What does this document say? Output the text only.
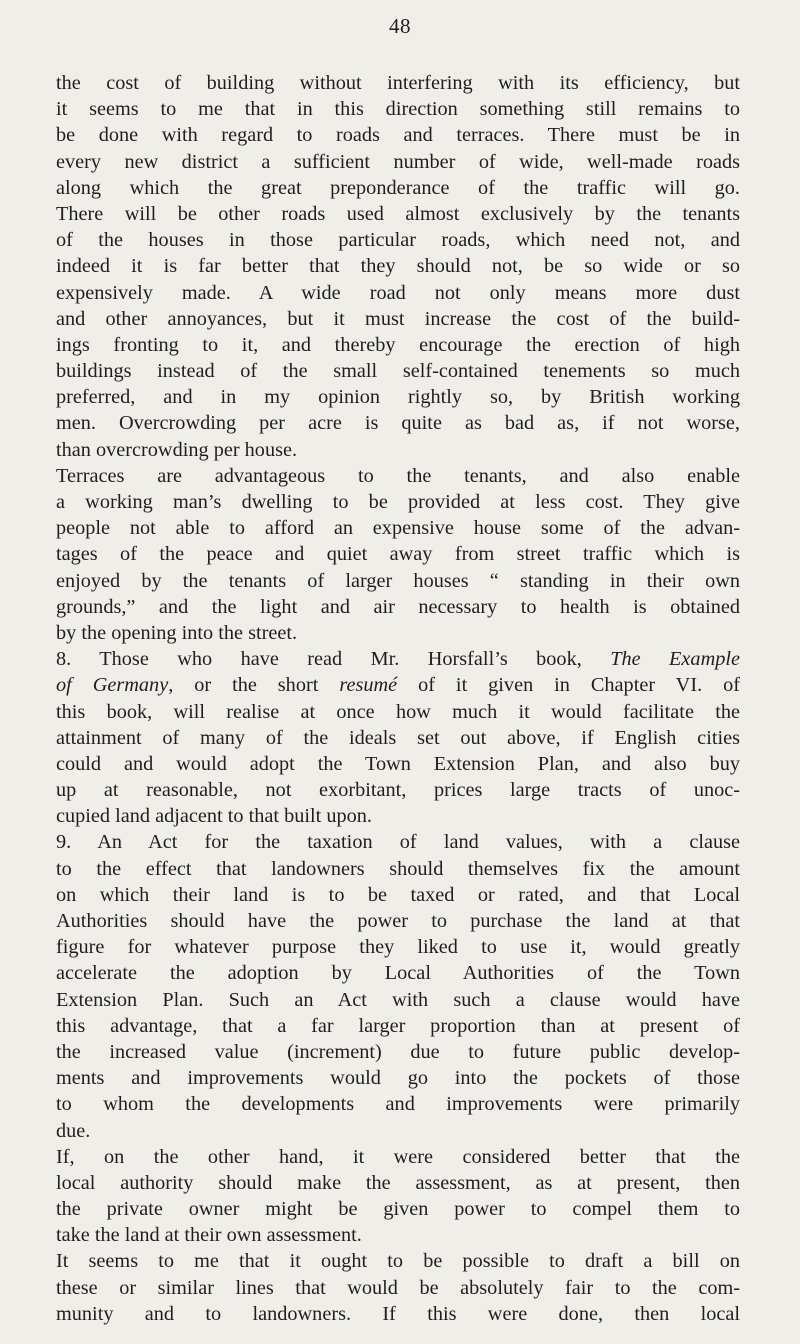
48
the cost of building without interfering with its efficiency, but
it seems to me that in this direction something still remains to
be done with regard to roads and terraces. There must be in
every new district a sufficient number of wide, well-made roads
along which the great preponderance of the traffic will go.
There will be other roads used almost exclusively by the tenants
of the houses in those particular roads, which need not, and
indeed it is far better that they should not, be so wide or so
expensively made. A wide road not only means more dust
and other annoyances, but it must increase the cost of the build-
ings fronting to it, and thereby encourage the erection of high
buildings instead of the small self-contained tenements so much
preferred, and in my opinion rightly so, by British working
men. Overcrowding per acre is quite as bad as, if not worse,
than overcrowding per house.
Terraces are advantageous to the tenants, and also enable
a working man’s dwelling to be provided at less cost. They give
people not able to afford an expensive house some of the advan-
tages of the peace and quiet away from street traffic which is
enjoyed by the tenants of larger houses “ standing in their own
grounds,” and the light and air necessary to health is obtained
by the opening into the street.
8. Those who have read Mr. Horsfall’s book, The Example
of Germany, or the short resumé of it given in Chapter VI. of
this book, will realise at once how much it would facilitate the
attainment of many of the ideals set out above, if English cities
could and would adopt the Town Extension Plan, and also buy
up at reasonable, not exorbitant, prices large tracts of unoc-
cupied land adjacent to that built upon.
9. An Act for the taxation of land values, with a clause
to the effect that landowners should themselves fix the amount
on which their land is to be taxed or rated, and that Local
Authorities should have the power to purchase the land at that
figure for whatever purpose they liked to use it, would greatly
accelerate the adoption by Local Authorities of the Town
Extension Plan. Such an Act with such a clause would have
this advantage, that a far larger proportion than at present of
the increased value (increment) due to future public develop-
ments and improvements would go into the pockets of those
to whom the developments and improvements were primarily
due.
If, on the other hand, it were considered better that the
local authority should make the assessment, as at present, then
the private owner might be given power to compel them to
take the land at their own assessment.
It seems to me that it ought to be possible to draft a bill on
these or similar lines that would be absolutely fair to the com-
munity and to landowners. If this were done, then local
